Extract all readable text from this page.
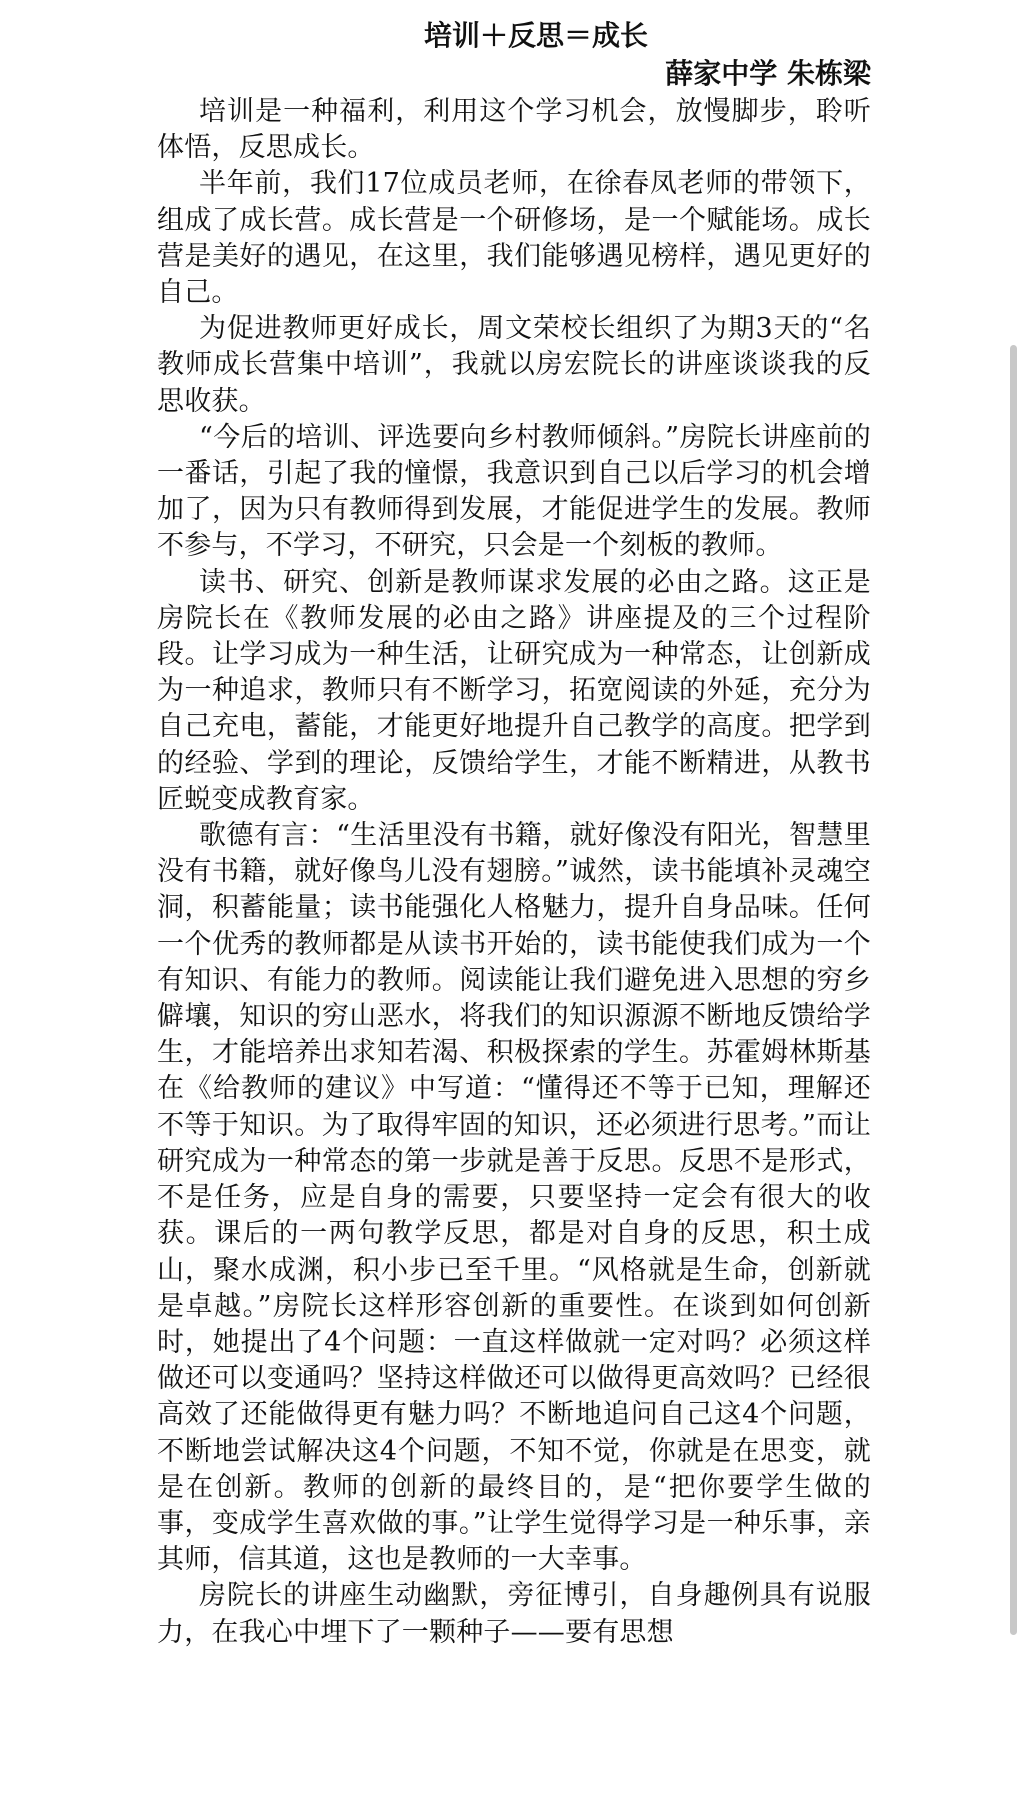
培训＋反思＝成长
薛家中学 朱栋梁

培训是一种福利，利用这个学习机会，放慢脚步，聆听体悟，反思成长。

半年前，我们17位成员老师，在徐春凤老师的带领下，组成了成长营。成长营是一个研修场，是一个赋能场。成长营是美好的遇见，在这里，我们能够遇见榜样，遇见更好的自己。

为促进教师更好成长，周文荣校长组织了为期3天的“名教师成长营集中培训”，我就以房宏院长的讲座谈谈我的反思收获。

“今后的培训、评选要向乡村教师倾斜。”房院长讲座前的一番话，引起了我的憧憬，我意识到自己以后学习的机会增加了，因为只有教师得到发展，才能促进学生的发展。教师不参与，不学习，不研究，只会是一个刻板的教师。

读书、研究、创新是教师谋求发展的必由之路。这正是房院长在《教师发展的必由之路》讲座提及的三个过程阶段。让学习成为一种生活，让研究成为一种常态，让创新成为一种追求，教师只有不断学习，拓宽阅读的外延，充分为自己充电，蓄能，才能更好地提升自己教学的高度。把学到的经验、学到的理论，反馈给学生，才能不断精进，从教书匠蜕变成教育家。

歌德有言：“生活里没有书籍，就好像没有阳光，智慧里没有书籍，就好像鸟儿没有翅膀。”诚然，读书能填补灵魂空洞，积蓄能量；读书能强化人格魅力，提升自身品味。任何一个优秀的教师都是从读书开始的，读书能使我们成为一个有知识、有能力的教师。阅读能让我们避免进入思想的穷乡僻壤，知识的穷山恶水，将我们的知识源源不断地反馈给学生，才能培养出求知若渴、积极探索的学生。苏霍姆林斯基在《给教师的建议》中写道：“懂得还不等于已知，理解还不等于知识。为了取得牢固的知识，还必须进行思考。”而让研究成为一种常态的第一步就是善于反思。反思不是形式，不是任务，应是自身的需要，只要坚持一定会有很大的收获。课后的一两句教学反思，都是对自身的反思，积土成山，聚水成渊，积小步已至千里。“风格就是生命，创新就是卓越。”房院长这样形容创新的重要性。在谈到如何创新时，她提出了4个问题：一直这样做就一定对吗？必须这样做还可以变通吗？坚持这样做还可以做得更高效吗？已经很高效了还能做得更有魅力吗？不断地追问自己这4个问题，不断地尝试解决这4个问题，不知不觉，你就是在思变，就是在创新。教师的创新的最终目的，是“把你要学生做的事，变成学生喜欢做的事。”让学生觉得学习是一种乐事，亲其师，信其道，这也是教师的一大幸事。

房院长的讲座生动幽默，旁征博引，自身趣例具有说服力，在我心中埋下了一颗种子——要有思想
